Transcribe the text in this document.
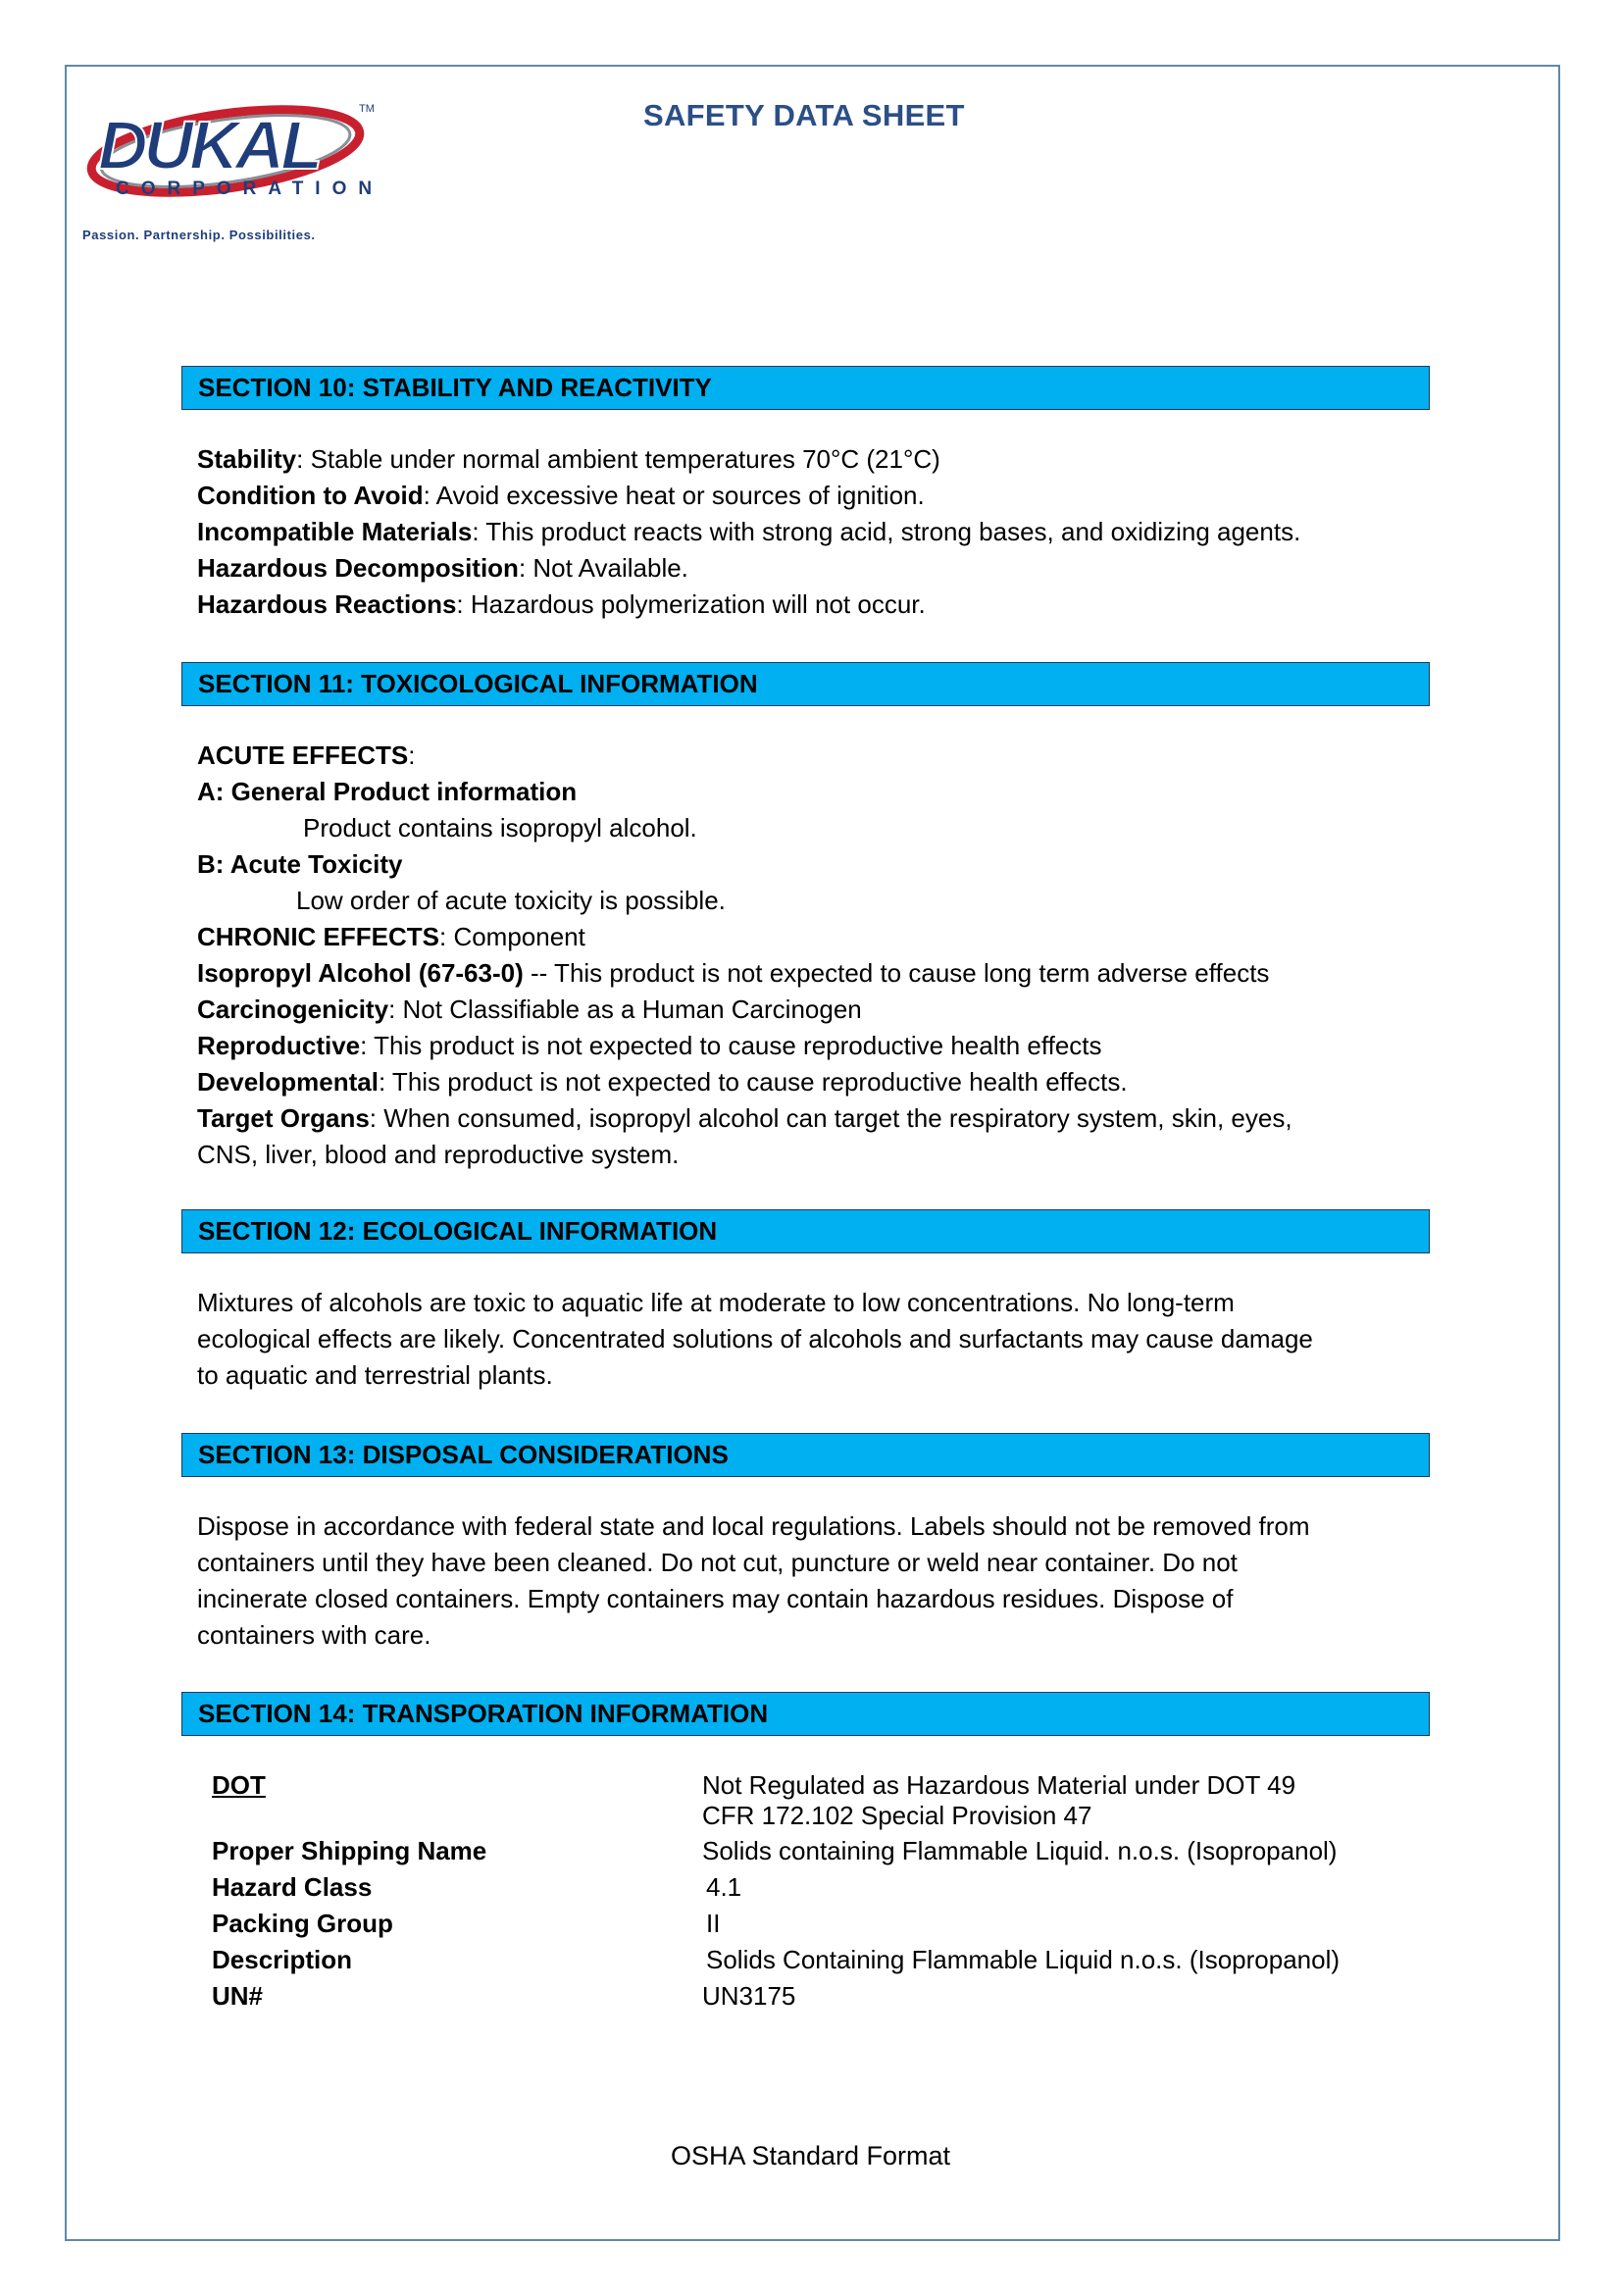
DUKAL	TM
CORPORATION
Passion. Partnership. Possibilities.
SAFETY DATA SHEET
SECTION 10: STABILITY AND REACTIVITY

Stability: Stable under normal ambient temperatures 70°C (21°C)

Condition to Avoid: Avoid excessive heat or sources of ignition.

Incompatible Materials: This product reacts with strong acid, strong bases, and oxidizing agents.

Hazardous Decomposition: Not Available.

Hazardous Reactions: Hazardous polymerization will not occur.

SECTION 11: TOXICOLOGICAL INFORMATION

ACUTE EFFECTS:

A: General Product information

Product contains isopropyl alcohol.

B: Acute Toxicity

Low order of acute toxicity is possible.

CHRONIC EFFECTS: Component

Isopropyl Alcohol (67-63-0) -- This product is not expected to cause long term adverse effects

Carcinogenicity: Not Classifiable as a Human Carcinogen

Reproductive: This product is not expected to cause reproductive health effects

Developmental: This product is not expected to cause reproductive health effects.

Target Organs: When consumed, isopropyl alcohol can target the respiratory system, skin, eyes,

CNS, liver, blood and reproductive system.

SECTION 12: ECOLOGICAL INFORMATION

Mixtures of alcohols are toxic to aquatic life at moderate to low concentrations. No long-term

ecological effects are likely. Concentrated solutions of alcohols and surfactants may cause damage

to aquatic and terrestrial plants.

SECTION 13: DISPOSAL CONSIDERATIONS

Dispose in accordance with federal state and local regulations. Labels should not be removed from

containers until they have been cleaned. Do not cut, puncture or weld near container. Do not

incinerate closed containers. Empty containers may contain hazardous residues. Dispose of

containers with care.

SECTION 14: TRANSPORATION INFORMATION
DOT	Not Regulated as Hazardous Material under DOT 49
CFR 172.102 Special Provision 47
Proper Shipping Name	Solids containing Flammable Liquid. n.o.s. (Isopropanol)
Hazard Class	4.1
Packing Group	II
Description	Solids Containing Flammable Liquid n.o.s. (Isopropanol)
UN#	UN3175
OSHA Standard Format
